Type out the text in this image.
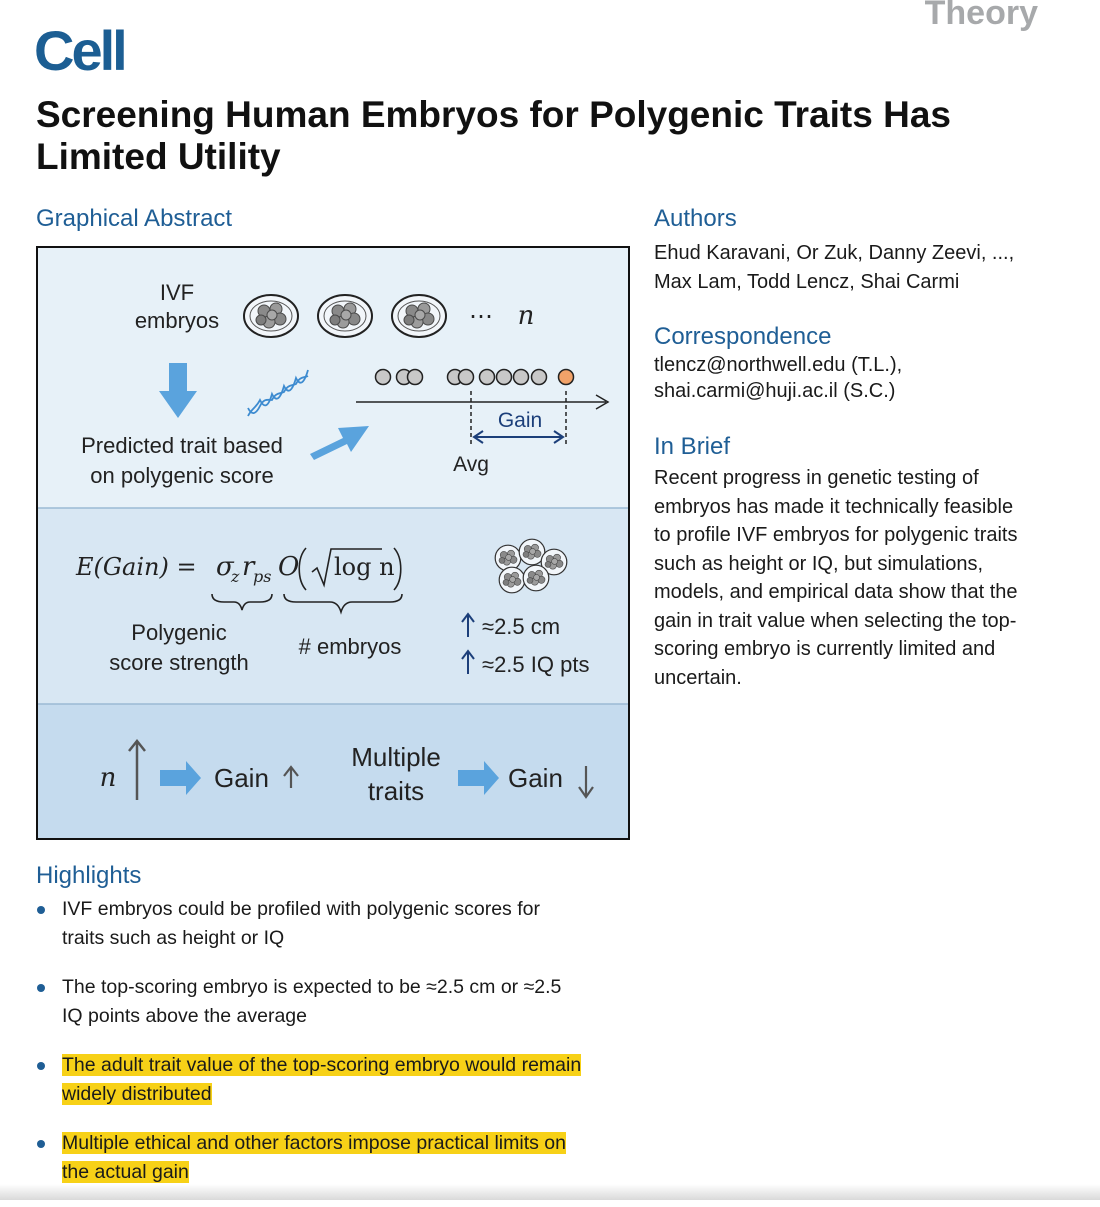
Theory
Cell
Screening Human Embryos for Polygenic Traits Has Limited Utility
Graphical Abstract
IVF
embryos	⋯ n
Predicted trait based
on polygenic score
Gain
Avg
E(Gain) = σ
z r
ps O log n
Polygenic
score strength
# embryos
≈2.5 cm
≈2.5 IQ pts
n	Gain
Multiple
traits	Gain
Authors
Ehud Karavani, Or Zuk, Danny Zeevi, ...,
Max Lam, Todd Lencz, Shai Carmi
Correspondence
tlencz@northwell.edu (T.L.),
shai.carmi@huji.ac.il (S.C.)
In Brief
Recent progress in genetic testing of
embryos has made it technically feasible
to profile IVF embryos for polygenic traits
such as height or IQ, but simulations,
models, and empirical data show that the
gain in trait value when selecting the top-
scoring embryo is currently limited and
uncertain.
Highlights
IVF embryos could be profiled with polygenic scores for
traits such as height or IQ
The top-scoring embryo is expected to be ≈2.5 cm or ≈2.5
IQ points above the average
The adult trait value of the top-scoring embryo would remain
widely distributed
Multiple ethical and other factors impose practical limits on
the actual gain
